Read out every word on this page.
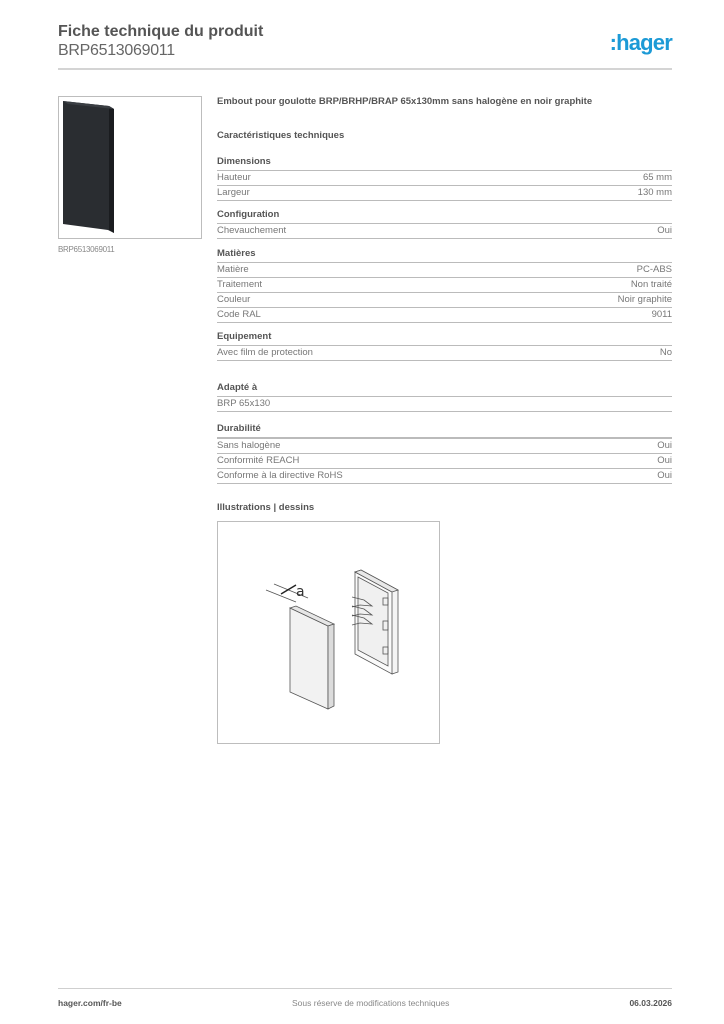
Fiche technique du produit
BRP6513069011	:hager
BRP6513069011
Embout pour goulotte BRP/BRHP/BRAP 65x130mm sans halogène en noir graphite
Caractéristiques techniques
Dimensions
Hauteur	65 mm
Largeur	130 mm
Configuration
Chevauchement	Oui
Matières
Matière	PC-ABS
Traitement	Non traité
Couleur	Noir graphite
Code RAL	9011
Equipement
Avec film de protection	No
Adapté à
BRP 65x130
Durabilité
Sans halogène	Oui
Conformité REACH	Oui
Conforme à la directive RoHS	Oui
Illustrations | dessins
a
hager.com/fr-be	Sous réserve de modifications techniques	06.03.2026
